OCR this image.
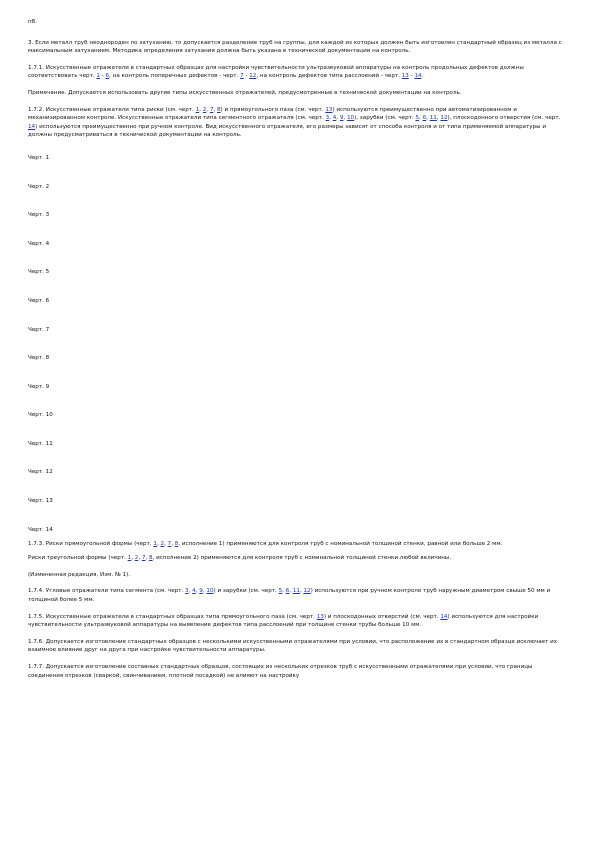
п8.

3. Если металл труб неоднороден по затуханию, то допускается разделение труб на группы, для каждой из которых должен быть изготовлен стандартный образец из металла с максимальным затуханием. Методика определения затухания должна быть указана в технической документации на контроль.

1.7.1. Искусственные отражатели в стандартных образцах для настройки чувствительности ультразвуковой аппаратуры на контроль продольных дефектов должны соответствовать черт. 1 - 6, на контроль поперечных дефектов - черт. 7 - 12, на контроль дефектов типа расслоений - черт. 13 - 14.

Примечание. Допускается использовать другие типы искусственных отражателей, предусмотренные в технической документации на контроль.

1.7.2. Искусственные отражатели типа риски (см. черт. 1, 2, 7, 8) и прямоугольного паза (см. черт. 13) используются преимущественно при автоматизированном и механизированном контроле. Искусственные отражатели типа сегментного отражателя (см. черт. 3, 4, 9, 10), зарубки (см. черт. 5, 6, 11, 12), плоскодонного отверстия (см. черт. 14) используются преимущественно при ручном контроле. Вид искусственного отражателя, его размеры зависят от способа контроля и от типа применяемой аппаратуры и должны предусматриваться в технической документации на контроль.

Черт. 1
Черт. 2
Черт. 3
Черт. 4
Черт. 5
Черт. 6
Черт. 7
Черт. 8
Черт. 9
Черт. 10
Черт. 11
Черт. 12
Черт. 13
Черт. 14

1.7.3. Риски прямоугольной формы (черт. 1, 2, 7, 8, исполнение 1) применяются для контроля труб с номинальной толщиной стенки, равной или больше 2 мм.

Риски треугольной формы (черт. 1, 2, 7, 8, исполнение 2) применяются для контроля труб с номинальной толщиной стенки любой величины.

(Измененная редакция, Изм. № 1).

1.7.4. Угловые отражатели типа сегмента (см. черт. 3, 4, 9, 10) и зарубки (см. черт. 5, 6, 11, 12) используются при ручном контроле труб наружным диаметром свыше 50 мм и толщиной более 5 мм.

1.7.5. Искусственные отражатели в стандартных образцах типа прямоугольного паза (см. черт. 13) и плоскодонных отверстий (см. черт. 14) используются для настройки чувствительности ультразвуковой аппаратуры на выявление дефектов типа расслоений при толщине стенки трубы больше 10 мм.

1.7.6. Допускается изготовление стандартных образцов с несколькими искусственными отражателями при условии, что расположение их в стандартном образце исключает их взаимное влияние друг на друга при настройке чувствительности аппаратуры.

1.7.7. Допускается изготовление составных стандартных образцов, состоящих из нескольких отрезков труб с искусственными отражателями при условии, что границы соединения отрезков (сваркой, свинчиванием, плотной посадкой) не влияют на настройку
